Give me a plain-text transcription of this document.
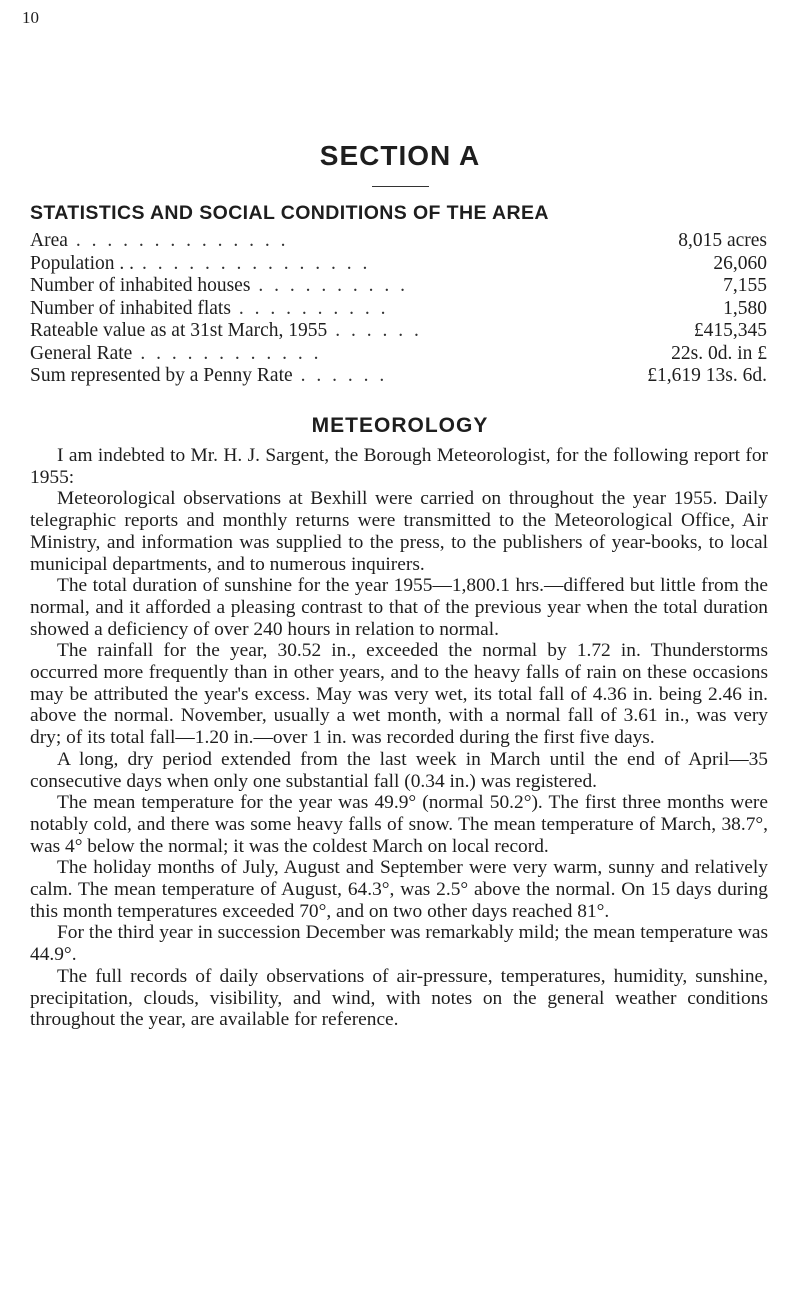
10
SECTION A
STATISTICS AND SOCIAL CONDITIONS OF THE AREA
Area . . . . . . . . . . . . . .	8,015 acres
Population . . . . . . . . . . . . . . . . .	26,060
Number of inhabited houses . . . . . . . . . .	7,155
Number of inhabited flats . . . . . . . . . .	1,580
Rateable value as at 31st March, 1955 . . . . . .	£415,345
General Rate . . . . . . . . . . . .	22s. 0d. in £
Sum represented by a Penny Rate . . . . . .	£1,619 13s. 6d.
METEOROLOGY

I am indebted to Mr. H. J. Sargent, the Borough Meteorologist, for the following report for 1955:

Meteorological observations at Bexhill were carried on throughout the year 1955. Daily telegraphic reports and monthly returns were transmitted to the Meteorological Office, Air Ministry, and information was supplied to the press, to the publishers of year-books, to local municipal departments, and to numerous inquirers.

The total duration of sunshine for the year 1955—1,800.1 hrs.—differed but little from the normal, and it afforded a pleasing contrast to that of the previous year when the total duration showed a deficiency of over 240 hours in relation to normal.

The rainfall for the year, 30.52 in., exceeded the normal by 1.72 in. Thunderstorms occurred more frequently than in other years, and to the heavy falls of rain on these occasions may be attributed the year's excess. May was very wet, its total fall of 4.36 in. being 2.46 in. above the normal. November, usually a wet month, with a normal fall of 3.61 in., was very dry; of its total fall—1.20 in.—over 1 in. was recorded during the first five days.

A long, dry period extended from the last week in March until the end of April—35 consecutive days when only one substantial fall (0.34 in.) was registered.

The mean temperature for the year was 49.9° (normal 50.2°). The first three months were notably cold, and there was some heavy falls of snow. The mean temperature of March, 38.7°, was 4° below the normal; it was the coldest March on local record.

The holiday months of July, August and September were very warm, sunny and relatively calm. The mean temperature of August, 64.3°, was 2.5° above the normal. On 15 days during this month temperatures exceeded 70°, and on two other days reached 81°.

For the third year in succession December was remarkably mild; the mean temperature was 44.9°.

The full records of daily observations of air-pressure, temperatures, humidity, sunshine, precipitation, clouds, visibility, and wind, with notes on the general weather conditions throughout the year, are available for reference.
